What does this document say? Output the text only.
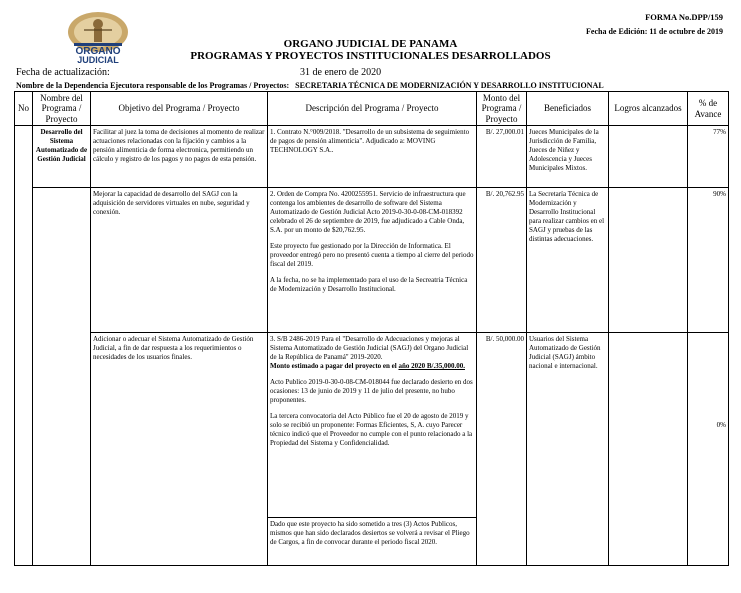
ORGANO
JUDICIAL
FORMA No.DPP/159
Fecha de Edición: 11 de octubre de 2019
ORGANO JUDICIAL DE PANAMA
PROGRAMAS Y PROYECTOS INSTITUCIONALES DESARROLLADOS
Fecha de actualización:	31 de enero de 2020
Nombre de la Dependencia Ejecutora responsable de los Programas / Proyectos: SECRETARIA TÉCNICA DE MODERNIZACIÓN Y DESARROLLO INSTITUCIONAL
No	Nombre del Programa / Proyecto	Objetivo del Programa / Proyecto	Descripción del Programa / Proyecto	Monto del Programa / Proyecto	Beneficiados	Logros alcanzados	% de Avance
	Desarrollo del Sistema Automatizado de Gestión Judicial	Facilitar al juez la toma de decisiones al momento de realizar actuaciones relacionadas con la fijación y cambios a la pensión alimenticia de forma electronica, permitiendo un cálculo y registro de los pagos y no pagos de esta pensión.	1. Contrato N.°009/2018. "Desarrollo de un subsistema de seguimiento de pagos de pensión alimenticia". Adjudicado a: MOVING TECHNOLOGY S.A..	B/. 27,000.01	Jueces Municipales de la Jurisdicción de Familia, Jueces de Niñez y Adolescencia y Jueces Municipales Mixtos.		77%
		Mejorar la capacidad de desarrollo del SAGJ con la adquisición de servidores virtuales en nube, seguridad y conexión.	2. Orden de Compra No. 4200255951. Servicio de infraestructura que contenga los ambientes de desarrollo de software del Sistema Automatizado de Gestión Judicial Acto 2019-0-30-0-08-CM-018392 celebrado el 26 de septiembre de 2019, fue adjudicado a Cable Onda, S.A. por un monto de $20,762.95.

Este proyecto fue gestionado por la Dirección de Informatica. El proveedor entregó pero no presentó cuenta a tiempo al cierre del periodo fiscal del 2019.

A la fecha, no se ha implementado para el uso de la Secreatria Técnica de Modernización y Desarrollo Institucional.	B/. 20,762.95	La Secretaría Técnica de Modernización y Desarrollo Institucional para realizar cambios en el SAGJ y pruebas de las distintas adecuaciones.		90%
		Adicionar o adecuar el Sistema Automatizado de Gestión Judicial, a fin de dar respuesta a los requerimientos o necesidades de los usuarios finales.	3. S/B 2486-2019 Para el "Desarrollo de Adecuaciones y mejoras al Sistema Automatizado de Gestión Judicial (SAGJ) del Organo Judicial de la República de Panamá" 2019-2020.
Monto estimado a pagar del proyecto en el año 2020 B/.35,000.00.

Acto Publico 2019-0-30-0-08-CM-018044 fue declarado desierto en dos ocasiones: 13 de junio de 2019 y 11 de julio del presente, no hubo proponentes.

La tercera convocatoria del Acto Público fue el 20 de agosto de 2019 y solo se recibió un proponente: Formas Eficientes, S, A. cuyo Parecer técnico indicó que el Proveedor no cumple con el punto relacionado a la Propiedad del Sistema y Confidencialidad.	B/. 50,000.00	Usuarios del Sistema Automatizado de Gestión Judicial (SAGJ) ámbito nacional e internacional.		0%

			Dado que este proyecto ha sido sometido a tres (3) Actos Publicos, mismos que han sido declarados desiertos se volverá a revisar el Pliego de Cargos, a fin de convocar durante el periodo fiscal 2020.				
